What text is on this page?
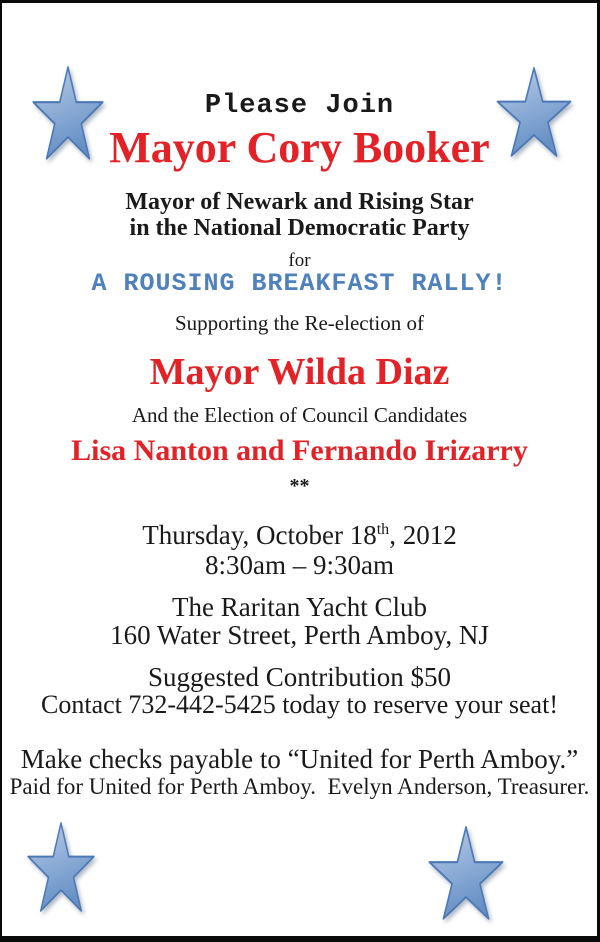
Please Join
Mayor Cory Booker
Mayor of Newark and Rising Star
in the National Democratic Party
for
A ROUSING BREAKFAST RALLY!
Supporting the Re-election of
Mayor Wilda Diaz
And the Election of Council Candidates
Lisa Nanton and Fernando Irizarry
**
Thursday, October 18th, 2012
8:30am – 9:30am
The Raritan Yacht Club
160 Water Street, Perth Amboy, NJ
Suggested Contribution $50
Contact 732-442-5425 today to reserve your seat!
Make checks payable to “United for Perth Amboy.”
Paid for United for Perth Amboy.  Evelyn Anderson, Treasurer.
